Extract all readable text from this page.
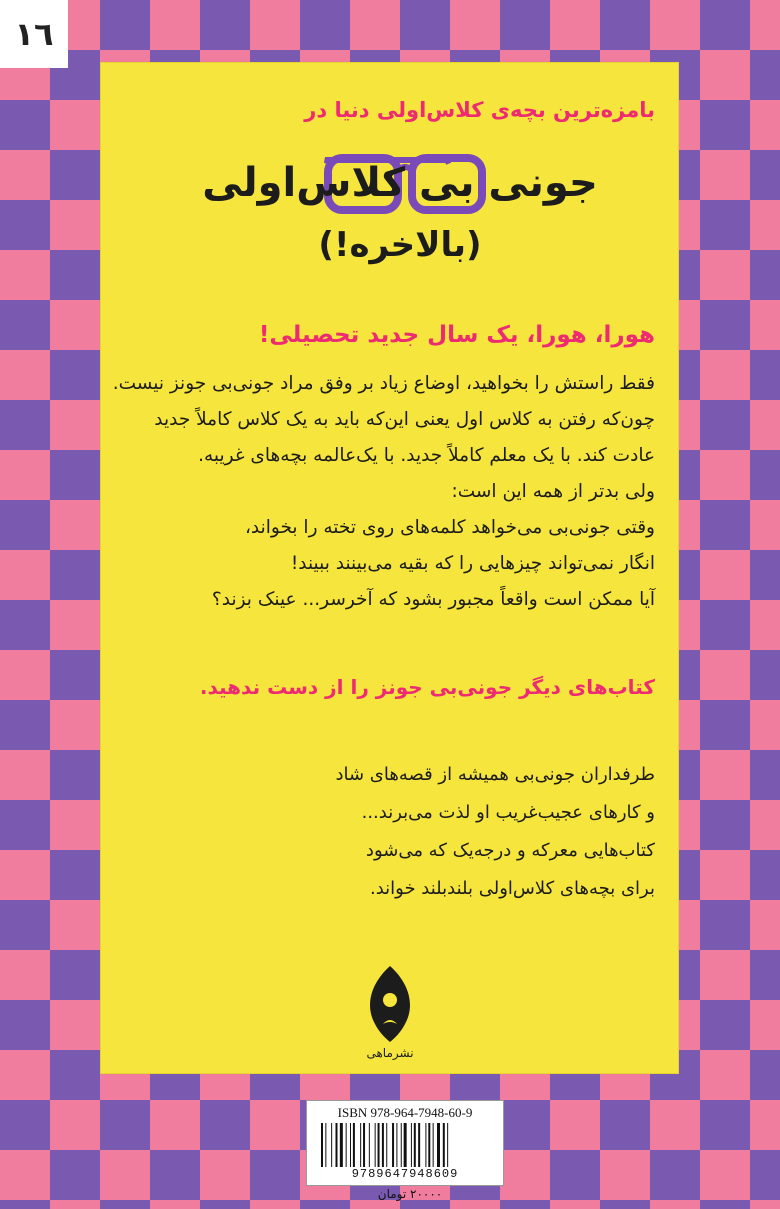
١٦
بامزه‌ترین بچه‌ی کلاس‌اولی دنیا در
جونی بی کلاس‌اولی
(بالاخره!)
هورا، هورا، یک سال جدید تحصیلی!
فقط راستش را بخواهید، اوضاع زیاد بر وفق مراد جونی‌بی جونز نیست.
چون‌که رفتن به کلاس اول یعنی این‌که باید به یک کلاس کاملاً جدید
عادت کند. با یک معلم کاملاً جدید. با یک‌عالمه بچه‌های غریبه.
ولی بدتر از همه این است:
وقتی جونی‌بی می‌خواهد کلمه‌های روی تخته را بخواند،
انگار نمی‌تواند چیزهایی را که بقیه می‌بینند ببیند!
آیا ممکن است واقعاً مجبور بشود که آخرسر... عینک بزند؟
کتاب‌های دیگر جونی‌بی جونز را از دست ندهید.
طرفداران جونی‌بی همیشه از قصه‌های شاد
و کارهای عجیب‌غریب او لذت می‌برند...
کتاب‌هایی معرکه و درجه‌یک که می‌شود
برای بچه‌های کلاس‌اولی بلندبلند خواند.
نشرماهی
ISBN 978-964-7948-60-9
9789647948609
۲۰۰۰۰ تومان
